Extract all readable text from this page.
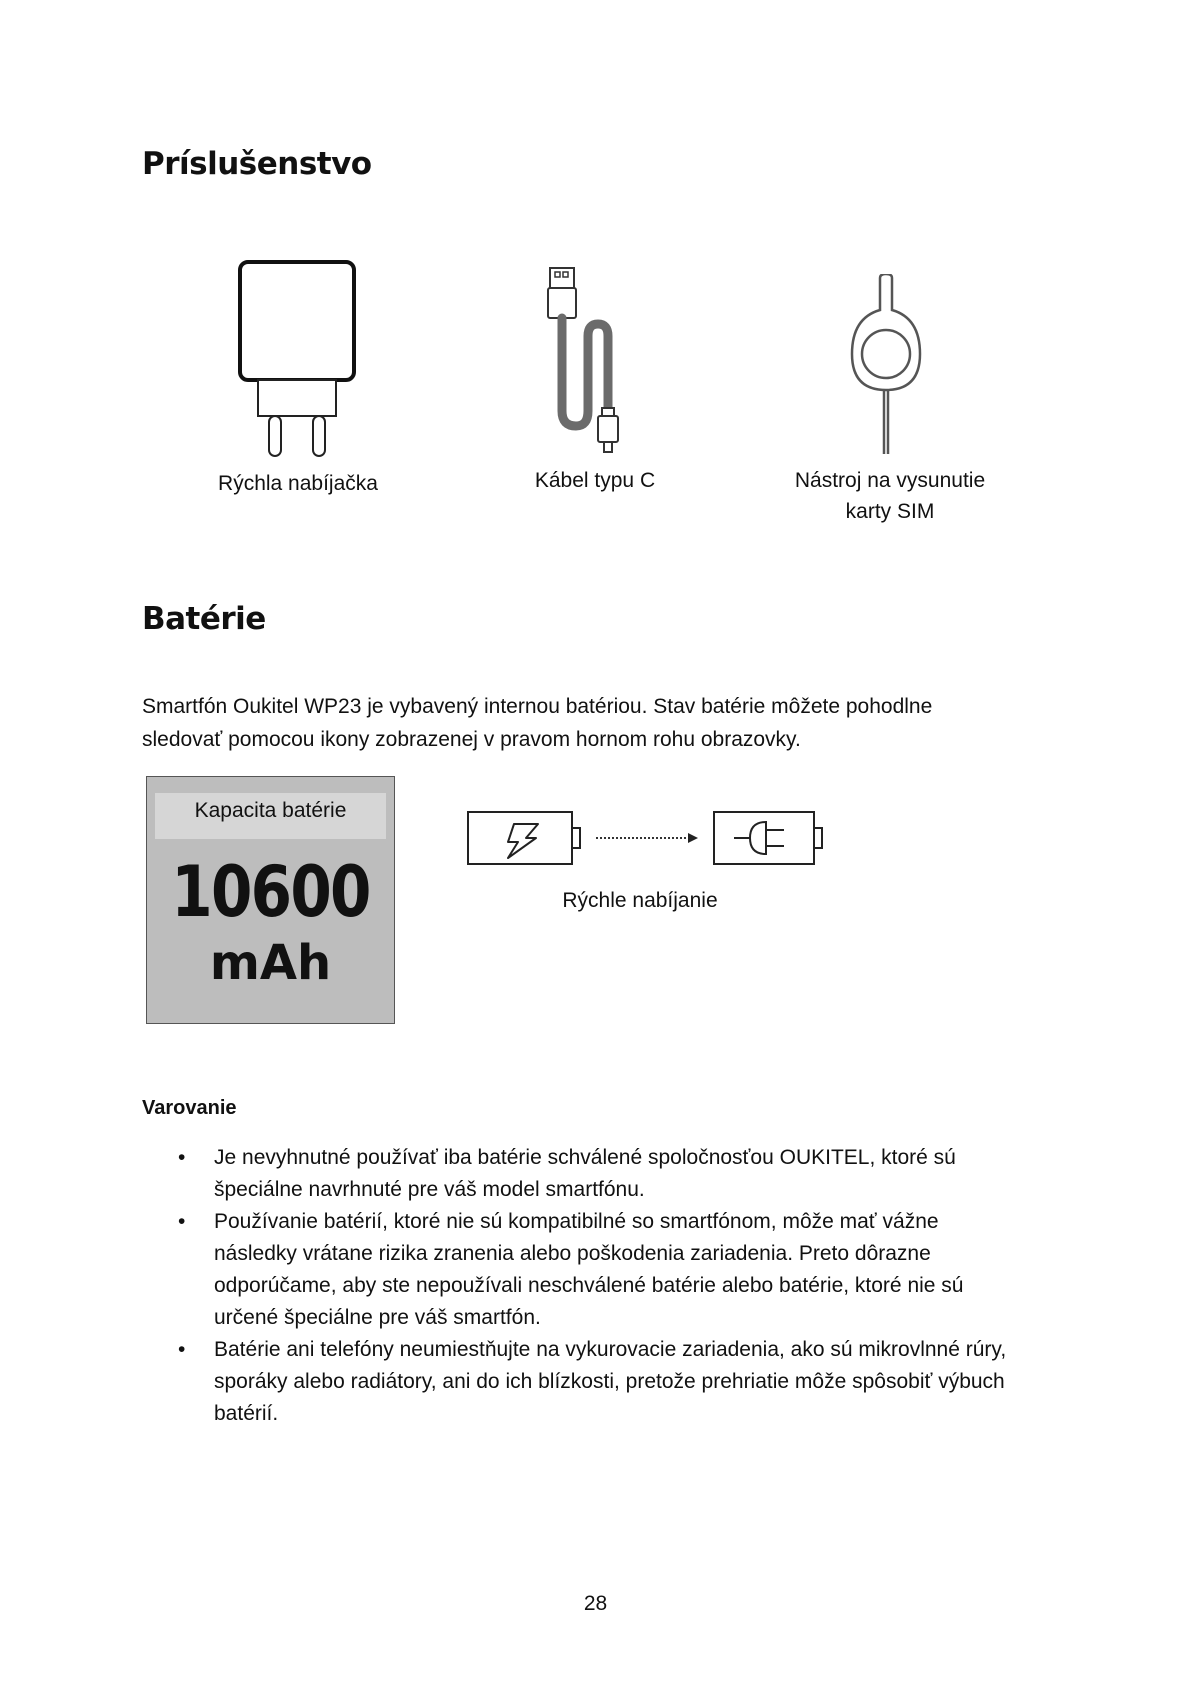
Príslušenstvo
Rýchla nabíjačka	Kábel typu C	Nástroj na vysunutie
karty SIM
Batérie

Smartfón Oukitel WP23 je vybavený internou batériou. Stav batérie môžete pohodlne
sledovať pomocou ikony zobrazenej v pravom hornom rohu obrazovky.

Kapacita batérie
10600
mAh
Rýchle nabíjanie
Varovanie
• Je nevyhnutné používať iba batérie schválené spoločnosťou OUKITEL, ktoré sú
špeciálne navrhnuté pre váš model smartfónu.
• Používanie batérií, ktoré nie sú kompatibilné so smartfónom, môže mať vážne
následky vrátane rizika zranenia alebo poškodenia zariadenia. Preto dôrazne
odporúčame, aby ste nepoužívali neschválené batérie alebo batérie, ktoré nie sú
určené špeciálne pre váš smartfón.
• Batérie ani telefóny neumiestňujte na vykurovacie zariadenia, ako sú mikrovlnné rúry,
sporáky alebo radiátory, ani do ich blízkosti, pretože prehriatie môže spôsobiť výbuch
batérií.
28
